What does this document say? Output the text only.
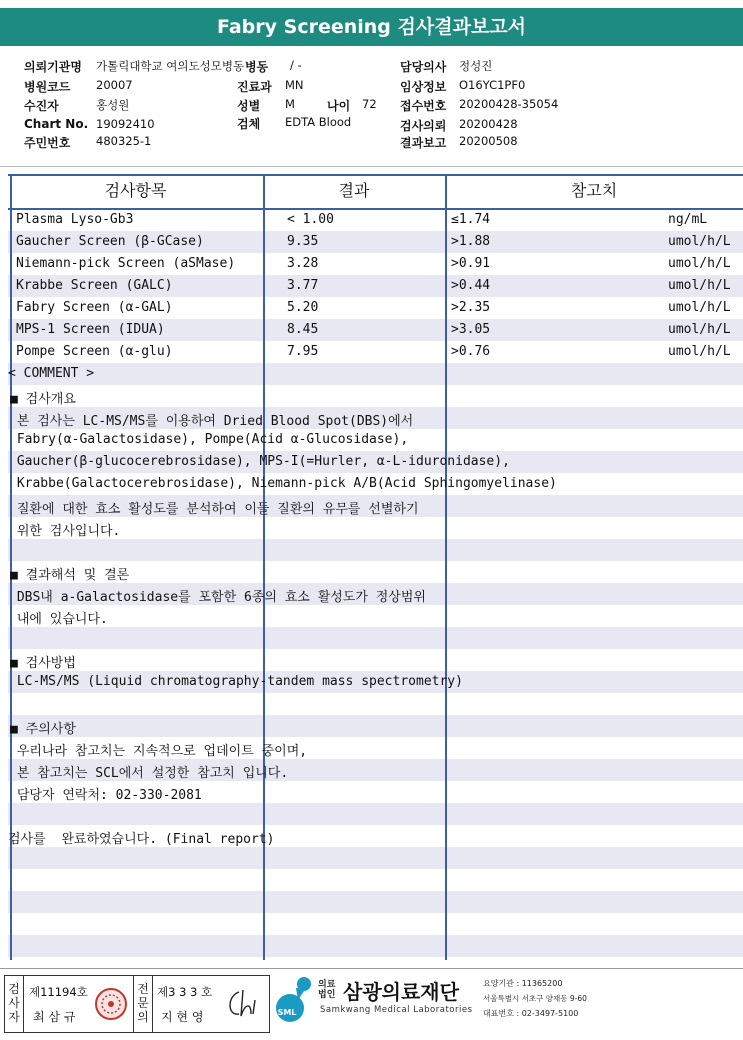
Fabry Screening 검사결과보고서
의뢰기관명 가톨릭대학교 여의도성모병동 병동 / -	담당의사 정성진
병원코드 20007	진료과 MN	임상정보 O16YC1PF0
수진자	홍성원	성별 M	나이 72 접수번호 20200428-35054
Chart No. 19092410	검체 EDTA Blood	검사의뢰 20200428
주민번호 480325-1	결과보고 20200508
검사항목	결과	참고치
Plasma Lyso-Gb3	< 1.00	≤1.74	ng/mL
Gaucher Screen (β-GCase)	9.35	>1.88	umol/h/L
Niemann-pick Screen (aSMase)	3.28	>0.91	umol/h/L
Krabbe Screen (GALC)	3.77	>0.44	umol/h/L
Fabry Screen (α-GAL)	5.20	>2.35	umol/h/L
MPS-1 Screen (IDUA)	8.45	>3.05	umol/h/L
Pompe Screen (α-glu)	7.95	>0.76	umol/h/L
< COMMENT >
■ 검사개요
본 검사는 LC-MS/MS를 이용하여 Dried Blood Spot(DBS)에서
Fabry(α-Galactosidase), Pompe(Acid α-Glucosidase),
Gaucher(β-glucocerebrosidase), MPS-I(=Hurler, α-L-iduronidase),
Krabbe(Galactocerebrosidase), Niemann-pick A/B(Acid Sphingomyelinase)
질환에 대한 효소 활성도를 분석하여 이들 질환의 유무를 선별하기
위한 검사입니다.
■ 결과해석 및 결론
DBS내 a-Galactosidase를 포함한 6종의 효소 활성도가 정상범위
내에 있습니다.
■ 검사방법
LC-MS/MS (Liquid chromatography-tandem mass spectrometry)
■ 주의사항
우리나라 참고치는 지속적으로 업데이트 중이며,
본 참고치는 SCL에서 설정한 참고치 입니다.
담당자 연락처: 02-330-2081
검사를  완료하였습니다. (Final report)
검사자
제11194호
최 삼 규
전문의
제3 3 3 호
지 현 영	SML
의료법인 삼광의료재단
Samkwang Medical Laboratories
요양기관 : 11365200
서울특별시 서초구 양재동 9-60
대표번호 : 02-3497-5100
